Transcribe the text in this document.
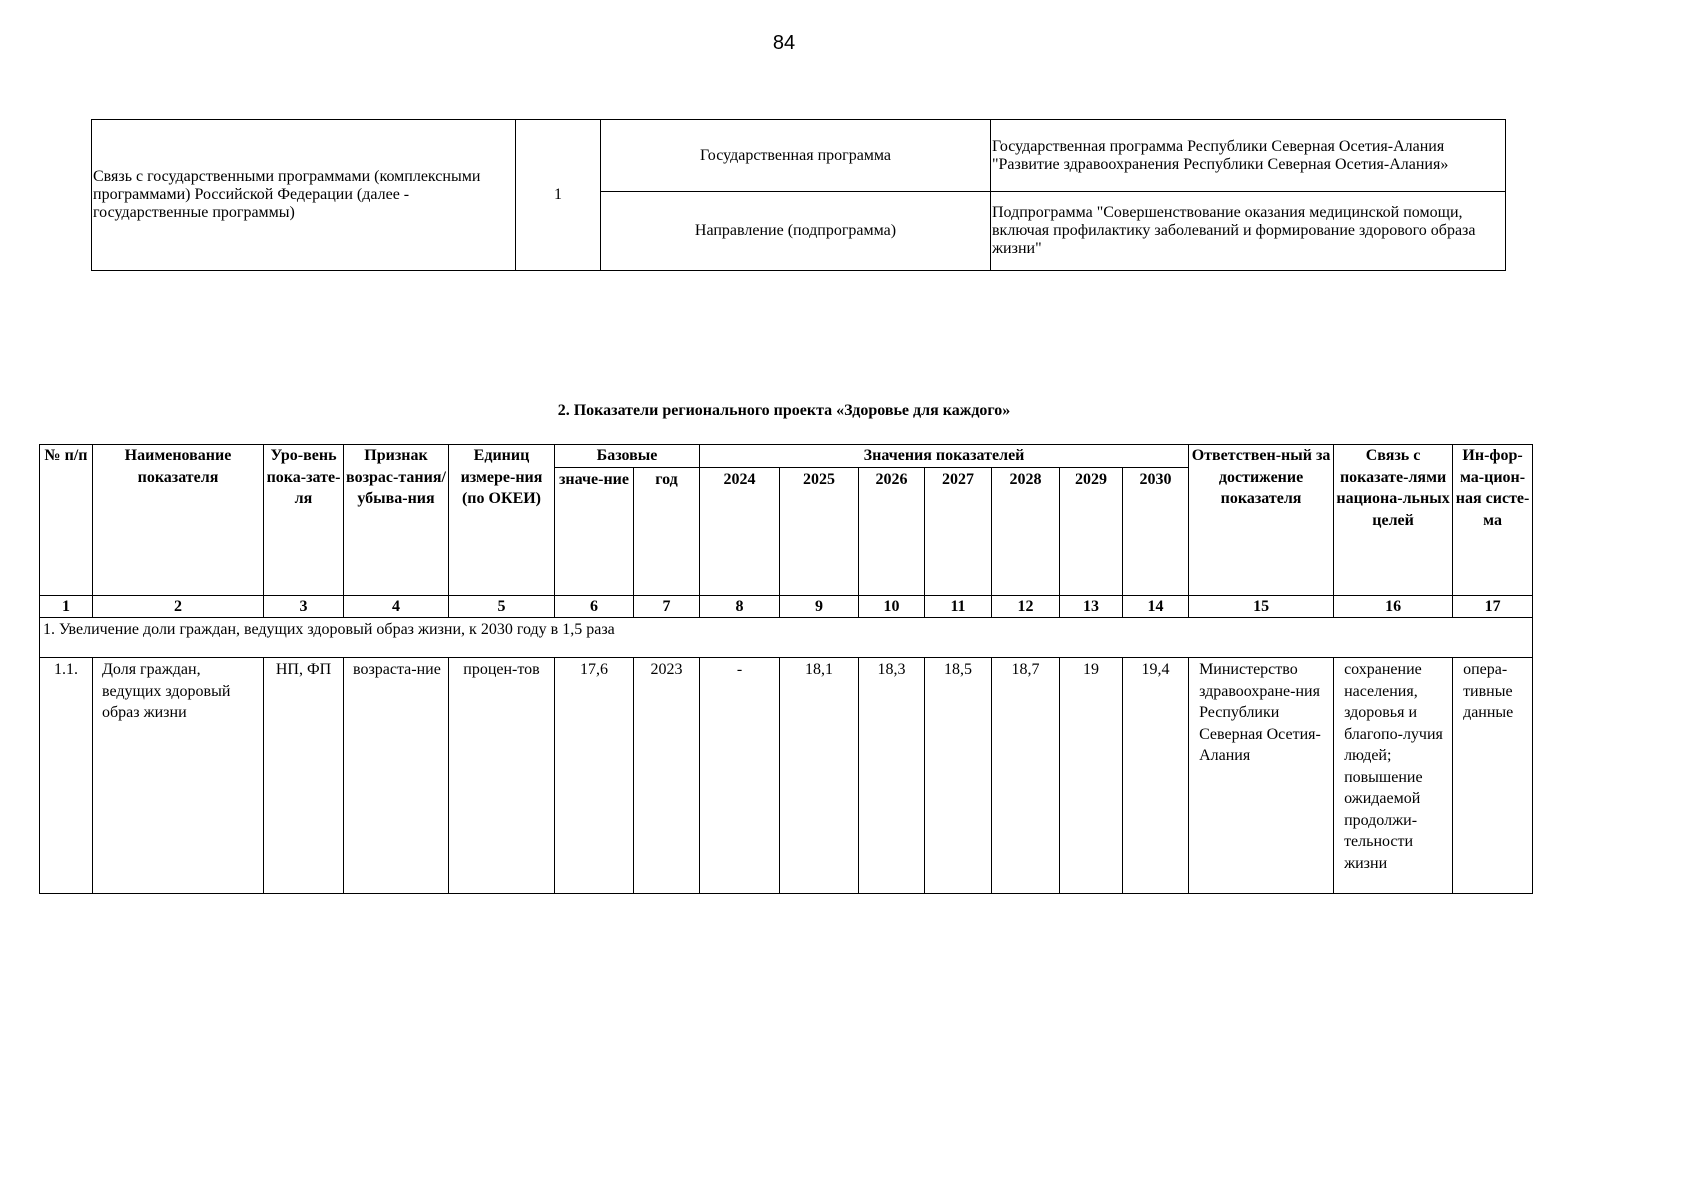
84
Связь с государственными программами (комплексными программами) Российской Федерации (далее - государственные программы)	1	Государственная программа	Государственная программа Республики Северная Осетия-Алания "Развитие здравоохранения Республики Северная Осетия-Алания»
		Направление (подпрограмма)	Подпрограмма "Совершенствование оказания медицинской помощи, включая профилактику заболеваний и формирование здорового образа жизни"
2. Показатели регионального проекта «Здоровье для каждого»
№ п/п	Наименование показателя	Уро-вень пока-зате-ля	Признак возрас-тания/ убыва-ния	Единиц измере-ния (по ОКЕИ)	Базовые		Значения показателей							Ответствен-ный за достижение показателя	Связь с показате-лями национа-льных целей	Ин-фор-ма-цион-ная систе-ма
					значе-ние	год	2024	2025	2026	2027	2028	2029	2030			
1	2	3	4	5	6	7	8	9	10	11	12	13	14	15	16	17
1. Увеличение доли граждан, ведущих здоровый образ жизни, к 2030 году в 1,5 раза																
1.1.	Доля граждан, ведущих здоровый образ жизни	НП, ФП	возраста-ние	процен-тов	17,6	2023	-	18,1	18,3	18,5	18,7	19	19,4	Министерство здравоохране-ния Республики Северная Осетия-Алания	сохранение населения, здоровья и благопо-лучия людей; повышение ожидаемой продолжи-тельности жизни	опера-тивные данные
